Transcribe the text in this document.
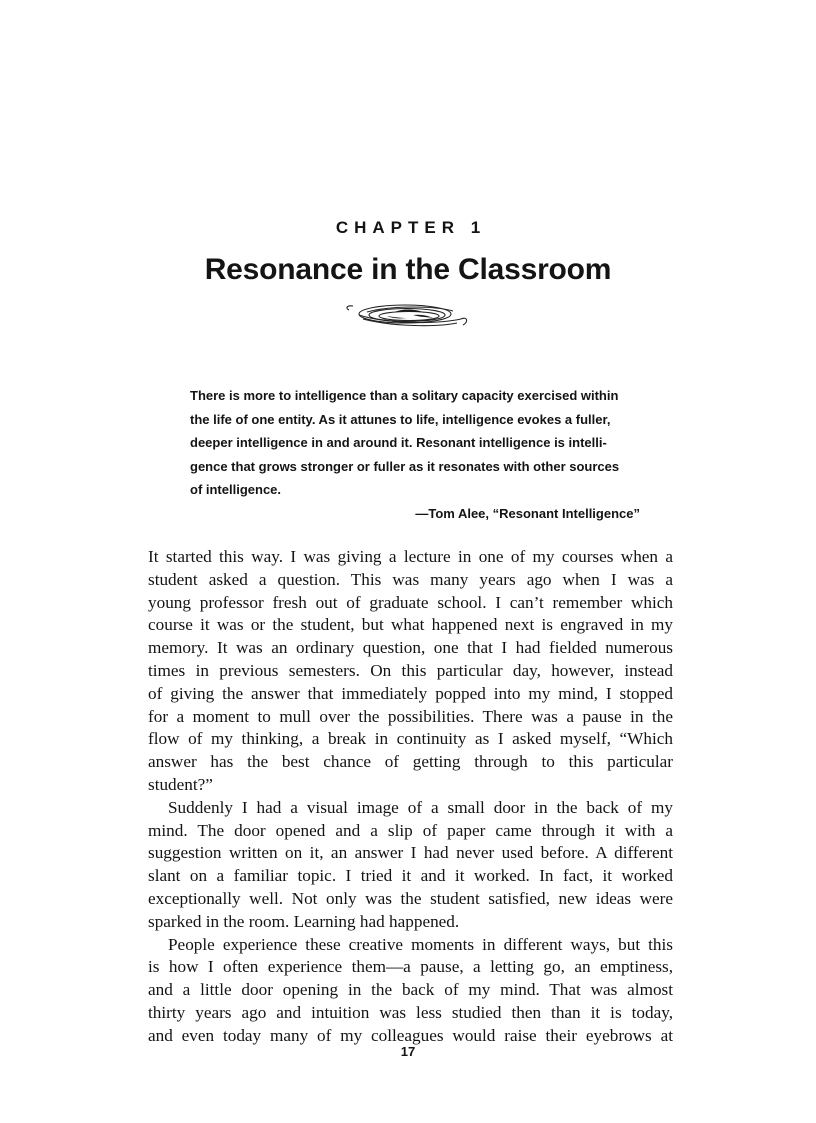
CHAPTER 1
Resonance in the Classroom
There is more to intelligence than a solitary capacity exercised within
the life of one entity. As it attunes to life, intelligence evokes a fuller,
deeper intelligence in and around it. Resonant intelligence is intelli-
gence that grows stronger or fuller as it resonates with other sources
of intelligence.
—Tom Alee, “Resonant Intelligence”
It started this way. I was giving a lecture in one of my courses when a
student asked a question. This was many years ago when I was a
young professor fresh out of graduate school. I can’t remember which
course it was or the student, but what happened next is engraved in my
memory. It was an ordinary question, one that I had fielded numerous
times in previous semesters. On this particular day, however, instead
of giving the answer that immediately popped into my mind, I stopped
for a moment to mull over the possibilities. There was a pause in the
flow of my thinking, a break in continuity as I asked myself, “Which
answer has the best chance of getting through to this particular
student?”
Suddenly I had a visual image of a small door in the back of my
mind. The door opened and a slip of paper came through it with a
suggestion written on it, an answer I had never used before. A different
slant on a familiar topic. I tried it and it worked. In fact, it worked
exceptionally well. Not only was the student satisfied, new ideas were
sparked in the room. Learning had happened.
People experience these creative moments in different ways, but this
is how I often experience them—a pause, a letting go, an emptiness,
and a little door opening in the back of my mind. That was almost
thirty years ago and intuition was less studied then than it is today,
and even today many of my colleagues would raise their eyebrows at
17
